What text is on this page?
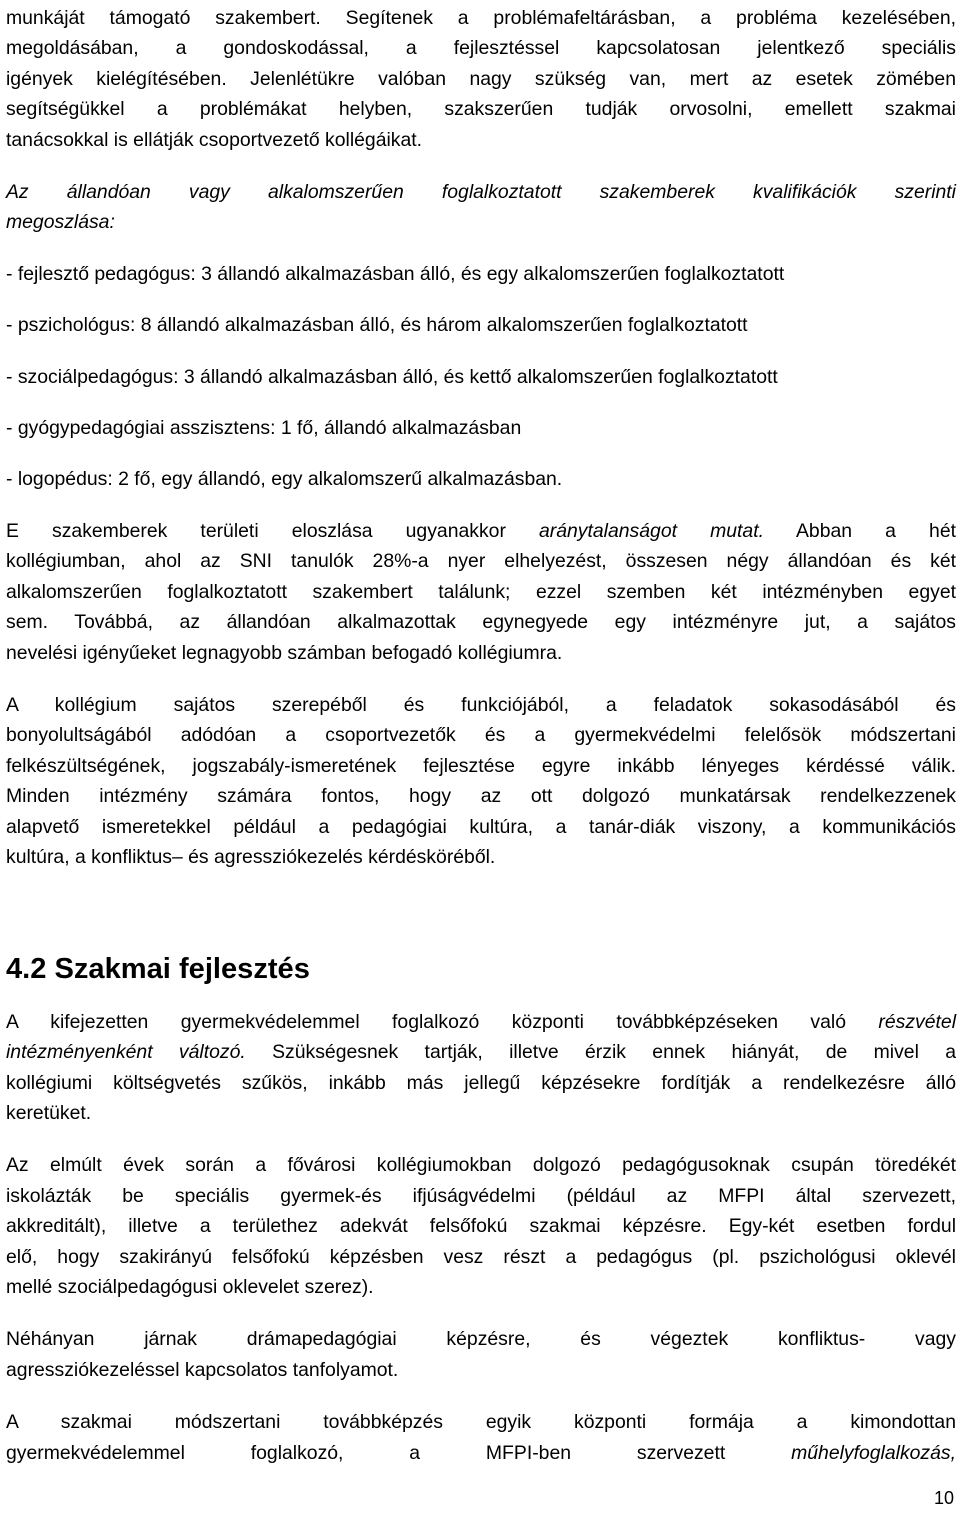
munkáját támogató szakembert. Segítenek a problémafeltárásban, a probléma kezelésében,
megoldásában, a gondoskodással, a fejlesztéssel kapcsolatosan jelentkező speciális
igények kielégítésében. Jelenlétükre valóban nagy szükség van, mert az esetek zömében
segítségükkel a problémákat helyben, szakszerűen tudják orvosolni, emellett szakmai
tanácsokkal is ellátják csoportvezető kollégáikat.

Az állandóan vagy alkalomszerűen foglalkoztatott szakemberek kvalifikációk szerinti
megoszlása:

- fejlesztő pedagógus: 3 állandó alkalmazásban álló, és egy alkalomszerűen foglalkoztatott

- pszichológus: 8 állandó alkalmazásban álló, és három alkalomszerűen foglalkoztatott

- szociálpedagógus: 3 állandó alkalmazásban álló, és kettő alkalomszerűen foglalkoztatott

- gyógypedagógiai asszisztens: 1 fő, állandó alkalmazásban

- logopédus: 2 fő, egy állandó, egy alkalomszerű alkalmazásban.

E szakemberek területi eloszlása ugyanakkor aránytalanságot mutat. Abban a hét
kollégiumban, ahol az SNI tanulók 28%-a nyer elhelyezést, összesen négy állandóan és két
alkalomszerűen foglalkoztatott szakembert találunk; ezzel szemben két intézményben egyet
sem. Továbbá, az állandóan alkalmazottak egynegyede egy intézményre jut, a sajátos
nevelési igényűeket legnagyobb számban befogadó kollégiumra.

A kollégium sajátos szerepéből és funkciójából, a feladatok sokasodásából és
bonyolultságából adódóan a csoportvezetők és a gyermekvédelmi felelősök módszertani
felkészültségének, jogszabály-ismeretének fejlesztése egyre inkább lényeges kérdéssé válik.
Minden intézmény számára fontos, hogy az ott dolgozó munkatársak rendelkezzenek
alapvető ismeretekkel például a pedagógiai kultúra, a tanár-diák viszony, a kommunikációs
kultúra, a konfliktus– és agressziókezelés kérdésköréből.

4.2 Szakmai fejlesztés

A kifejezetten gyermekvédelemmel foglalkozó központi továbbképzéseken való részvétel
intézményenként változó. Szükségesnek tartják, illetve érzik ennek hiányát, de mivel a
kollégiumi költségvetés szűkös, inkább más jellegű képzésekre fordítják a rendelkezésre álló
keretüket.

Az elmúlt évek során a fővárosi kollégiumokban dolgozó pedagógusoknak csupán töredékét
iskolázták be speciális gyermek-és ifjúságvédelmi (például az MFPI által szervezett,
akkreditált), illetve a területhez adekvát felsőfokú szakmai képzésre. Egy-két esetben fordul
elő, hogy szakirányú felsőfokú képzésben vesz részt a pedagógus (pl. pszichológusi oklevél
mellé szociálpedagógusi oklevelet szerez).

Néhányan járnak drámapedagógiai képzésre, és végeztek konfliktus- vagy
agressziókezeléssel kapcsolatos tanfolyamot.

A szakmai módszertani továbbképzés egyik központi formája a kimondottan
gyermekvédelemmel foglalkozó, a MFPI-ben szervezett műhelyfoglalkozás,

10
